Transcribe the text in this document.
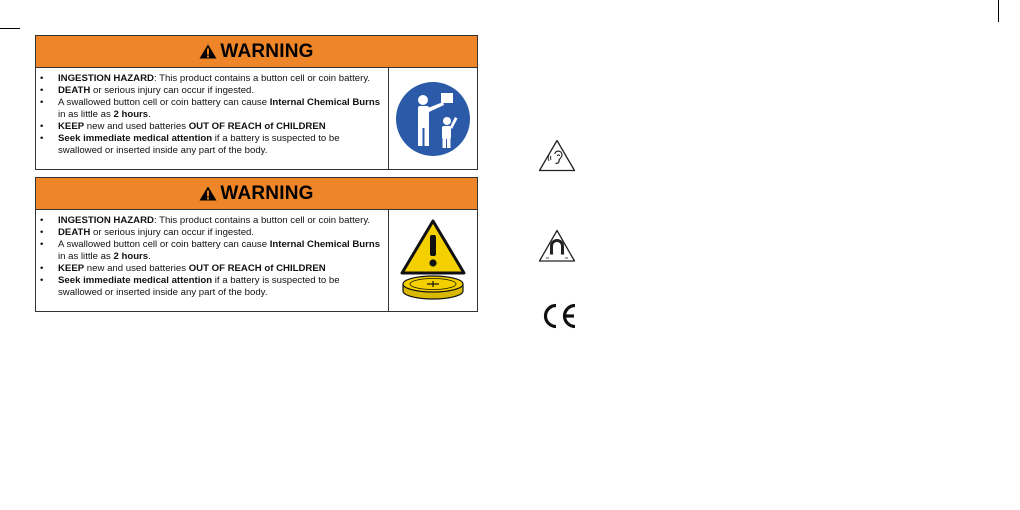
WARNING
• INGESTION HAZARD: This product contains a button cell or coin battery.
• DEATH or serious injury can occur if ingested.
• A swallowed button cell or coin battery can cause Internal Chemical Burns in as little as 2 hours.
• KEEP new and used batteries OUT OF REACH of CHILDREN
• Seek immediate medical attention if a battery is suspected to be swallowed or inserted inside any part of the body.
WARNING
• INGESTION HAZARD: This product contains a button cell or coin battery.
• DEATH or serious injury can occur if ingested.
• A swallowed button cell or coin battery can cause Internal Chemical Burns in as little as 2 hours.
• KEEP new and used batteries OUT OF REACH of CHILDREN
• Seek immediate medical attention if a battery is suspected to be swallowed or inserted inside any part of the body.
